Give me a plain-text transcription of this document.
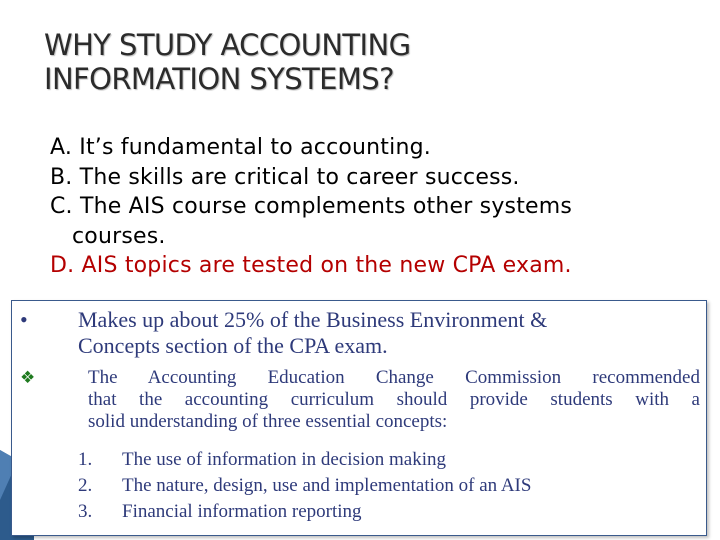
WHY STUDY ACCOUNTING
INFORMATION SYSTEMS?
A. It’s fundamental to accounting.
B. The skills are critical to career success.
C. The AIS course complements other systems
courses.
D. AIS topics are tested on the new CPA exam.
• Makes up about 25% of the Business Environment &
Concepts section of the CPA exam.
❖	The Accounting Education Change Commission recommended
that the accounting curriculum should provide students with a
solid understanding of three essential concepts:
1.	The use of information in decision making
2.	The nature, design, use and implementation of an AIS
3.	Financial information reporting
